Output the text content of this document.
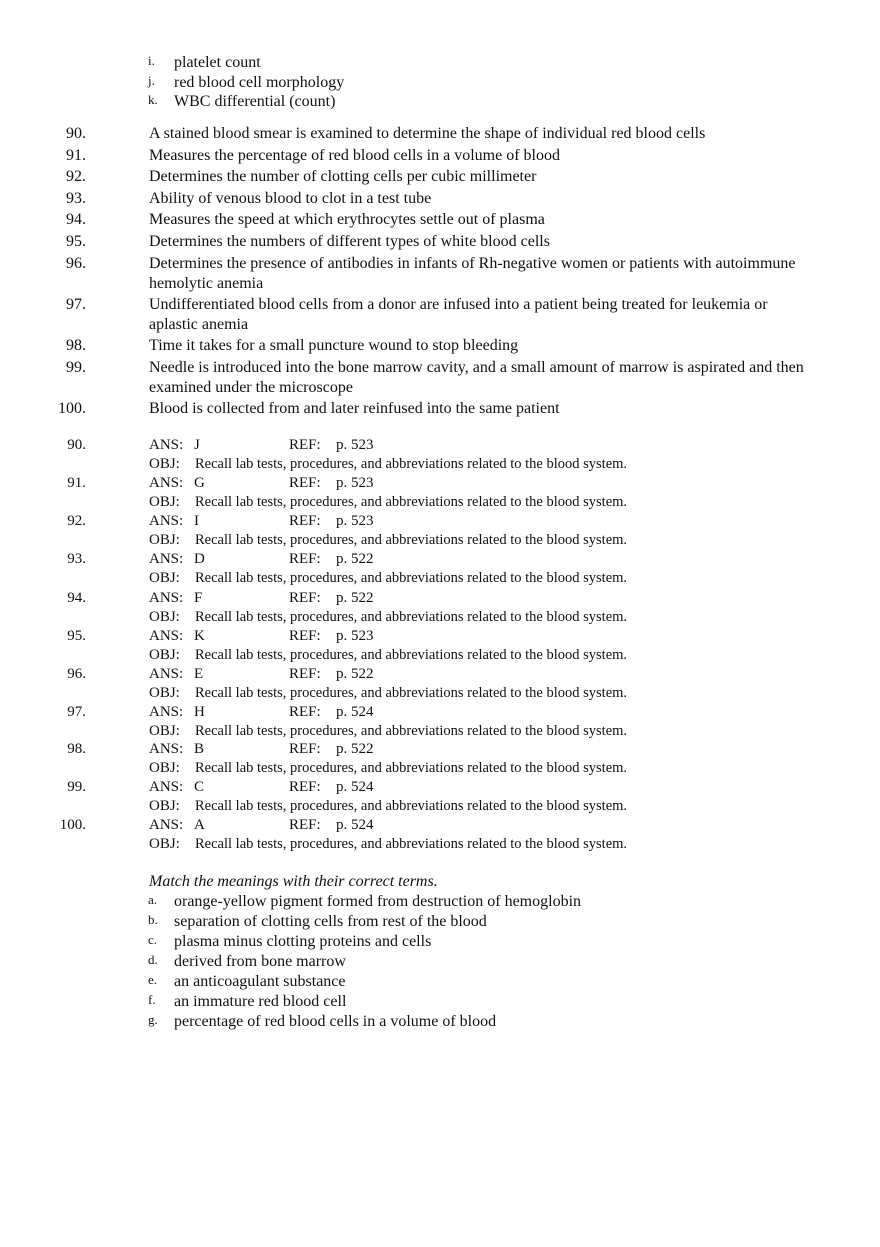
i. platelet count
j. red blood cell morphology
k. WBC differential (count)
90.	A stained blood smear is examined to determine the shape of individual red blood cells
91.	Measures the percentage of red blood cells in a volume of blood
92.	Determines the number of clotting cells per cubic millimeter
93.	Ability of venous blood to clot in a test tube
94.	Measures the speed at which erythrocytes settle out of plasma
95.	Determines the numbers of different types of white blood cells
96.	Determines the presence of antibodies in infants of Rh-negative women or patients with autoimmune hemolytic anemia
97.	Undifferentiated blood cells from a donor are infused into a patient being treated for leukemia or aplastic anemia
98.	Time it takes for a small puncture wound to stop bleeding
99.	Needle is introduced into the bone marrow cavity, and a small amount of marrow is aspirated and then examined under the microscope
100.	Blood is collected from and later reinfused into the same patient
90.	ANS: J	REF: p. 523
OBJ: Recall lab tests, procedures, and abbreviations related to the blood system.
91.	ANS: G	REF: p. 523
OBJ: Recall lab tests, procedures, and abbreviations related to the blood system.
92.	ANS: I	REF: p. 523
OBJ: Recall lab tests, procedures, and abbreviations related to the blood system.
93.	ANS: D	REF: p. 522
OBJ: Recall lab tests, procedures, and abbreviations related to the blood system.
94.	ANS: F	REF: p. 522
OBJ: Recall lab tests, procedures, and abbreviations related to the blood system.
95.	ANS: K	REF: p. 523
OBJ: Recall lab tests, procedures, and abbreviations related to the blood system.
96.	ANS: E	REF: p. 522
OBJ: Recall lab tests, procedures, and abbreviations related to the blood system.
97.	ANS: H	REF: p. 524
OBJ: Recall lab tests, procedures, and abbreviations related to the blood system.
98.	ANS: B	REF: p. 522
OBJ: Recall lab tests, procedures, and abbreviations related to the blood system.
99.	ANS: C	REF: p. 524
OBJ: Recall lab tests, procedures, and abbreviations related to the blood system.
100.	ANS: A	REF: p. 524
OBJ: Recall lab tests, procedures, and abbreviations related to the blood system.
Match the meanings with their correct terms.
a. orange-yellow pigment formed from destruction of hemoglobin
b. separation of clotting cells from rest of the blood
c. plasma minus clotting proteins and cells
d. derived from bone marrow
e. an anticoagulant substance
f. an immature red blood cell
g. percentage of red blood cells in a volume of blood
